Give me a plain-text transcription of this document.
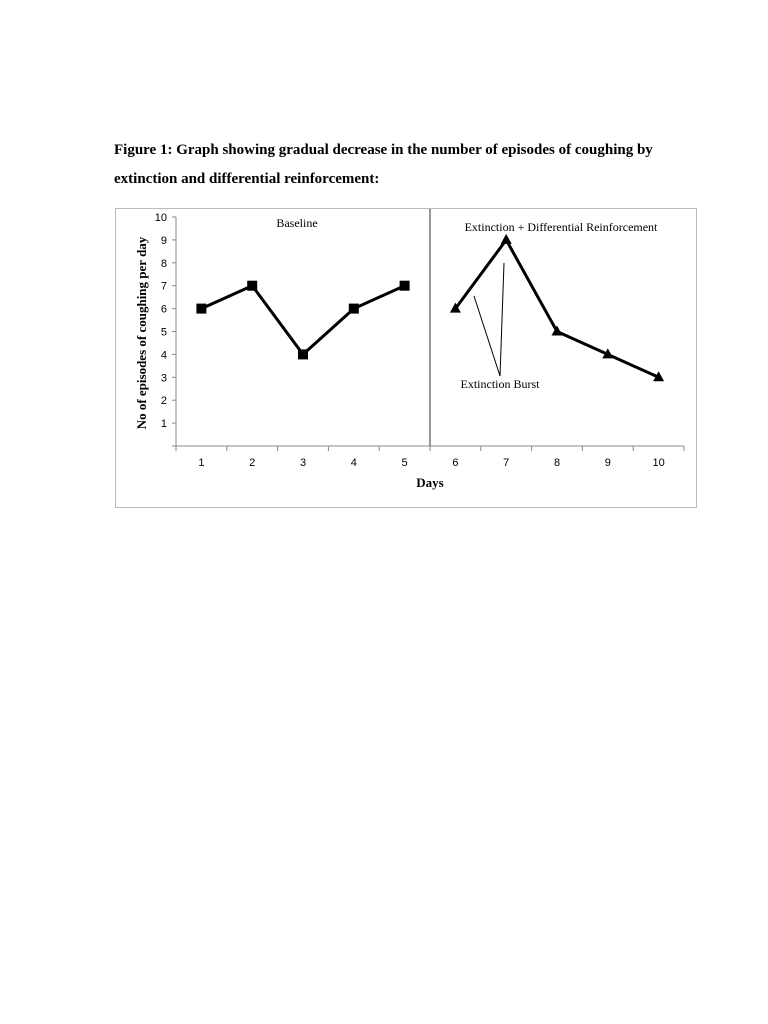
Figure 1: Graph showing gradual decrease in the number of episodes of coughing by
extinction and differential reinforcement:
1
2
3
4
5
6
7
8
9
10
1	2	3	4	5	6	7	8	9	10
Baseline	Extinction + Differential Reinforcement
Extinction Burst
Days
No of episodes of coughing per day
